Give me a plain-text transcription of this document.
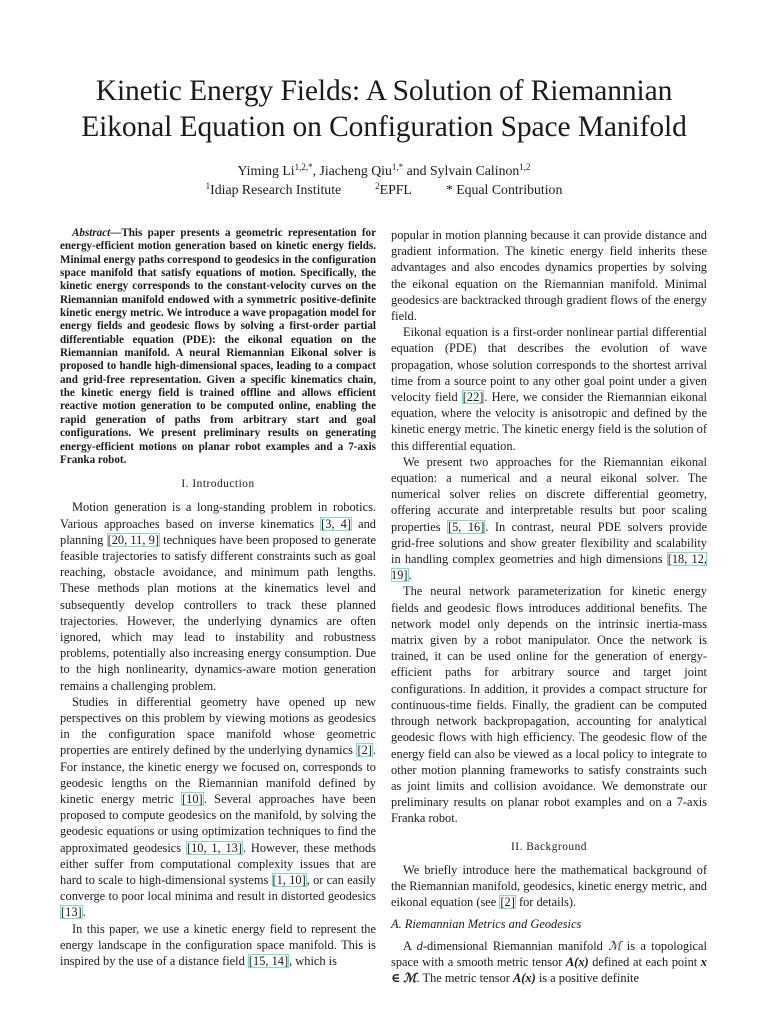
Kinetic Energy Fields: A Solution of Riemannian
Eikonal Equation on Configuration Space Manifold
Yiming $Li^{1,2,*}$, Jiacheng Qiu$^{1,*}$ and Sylvain Calinon$^{1,2}$
$^1$Idiap Research Institute	$^2$EPFL * Equal Contribution

Abstract—This paper presents a geometric representation for energy-efficient motion generation based on kinetic energy fields. Minimal energy paths correspond to geodesics in the configuration space manifold that satisfy equations of motion. Specifically, the kinetic energy corresponds to the constant-velocity curves on the Riemannian manifold endowed with a symmetric positive-definite kinetic energy metric. We introduce a wave propagation model for energy fields and geodesic flows by solving a first-order partial differentiable equation (PDE): the eikonal equation on the Riemannian manifold. A neural Riemannian Eikonal solver is proposed to handle high-dimensional spaces, leading to a compact and grid-free representation. Given a specific kinematics chain, the kinetic energy field is trained offline and allows efficient reactive motion generation to be computed online, enabling the rapid generation of paths from arbitrary start and goal configurations. We present preliminary results on generating energy-efficient motions on planar robot examples and a 7-axis Franka robot.

I. Introduction

Motion generation is a long-standing problem in robotics. Various approaches based on inverse kinematics [3, 4] and planning [20, 11, 9] techniques have been proposed to generate feasible trajectories to satisfy different constraints such as goal reaching, obstacle avoidance, and minimum path lengths. These methods plan motions at the kinematics level and subsequently develop controllers to track these planned trajectories. However, the underlying dynamics are often ignored, which may lead to instability and robustness problems, potentially also increasing energy consumption. Due to the high nonlinearity, dynamics-aware motion generation remains a challenging problem.

Studies in differential geometry have opened up new perspectives on this problem by viewing motions as geodesics in the configuration space manifold whose geometric properties are entirely defined by the underlying dynamics [2]. For instance, the kinetic energy we focused on, corresponds to geodesic lengths on the Riemannian manifold defined by kinetic energy metric [10]. Several approaches have been proposed to compute geodesics on the manifold, by solving the geodesic equations or using optimization techniques to find the approximated geodesics [10, 1, 13]. However, these methods either suffer from computational complexity issues that are hard to scale to high-dimensional systems [1, 10], or can easily converge to poor local minima and result in distorted geodesics [13].

In this paper, we use a kinetic energy field to represent the energy landscape in the configuration space manifold. This is inspired by the use of a distance field [15, 14], which is

popular in motion planning because it can provide distance and gradient information. The kinetic energy field inherits these advantages and also encodes dynamics properties by solving the eikonal equation on the Riemannian manifold. Minimal geodesics are backtracked through gradient flows of the energy field.

Eikonal equation is a first-order nonlinear partial differential equation (PDE) that describes the evolution of wave propagation, whose solution corresponds to the shortest arrival time from a source point to any other goal point under a given velocity field [22]. Here, we consider the Riemannian eikonal equation, where the velocity is anisotropic and defined by the kinetic energy metric. The kinetic energy field is the solution of this differential equation.

We present two approaches for the Riemannian eikonal equation: a numerical and a neural eikonal solver. The numerical solver relies on discrete differential geometry, offering accurate and interpretable results but poor scaling properties [5, 16]. In contrast, neural PDE solvers provide grid-free solutions and show greater flexibility and scalability in handling complex geometries and high dimensions [18, 12, 19].

The neural network parameterization for kinetic energy fields and geodesic flows introduces additional benefits. The network model only depends on the intrinsic inertia-mass matrix given by a robot manipulator. Once the network is trained, it can be used online for the generation of energy-efficient paths for arbitrary source and target joint configurations. In addition, it provides a compact structure for continuous-time fields. Finally, the gradient can be computed through network backpropagation, accounting for analytical geodesic flows with high efficiency. The geodesic flow of the energy field can also be viewed as a local policy to integrate to other motion planning frameworks to satisfy constraints such as joint limits and collision avoidance. We demonstrate our preliminary results on planar robot examples and on a 7-axis Franka robot.

II. Background

We briefly introduce here the mathematical background of the Riemannian manifold, geodesics, kinetic energy metric, and eikonal equation (see [2] for details).

A. Riemannian Metrics and Geodesics

A d-dimensional Riemannian manifold ℳ is a topological space with a smooth metric tensor A(x) defined at each point x ∈ ℳ. The metric tensor A(x) is a positive definite
